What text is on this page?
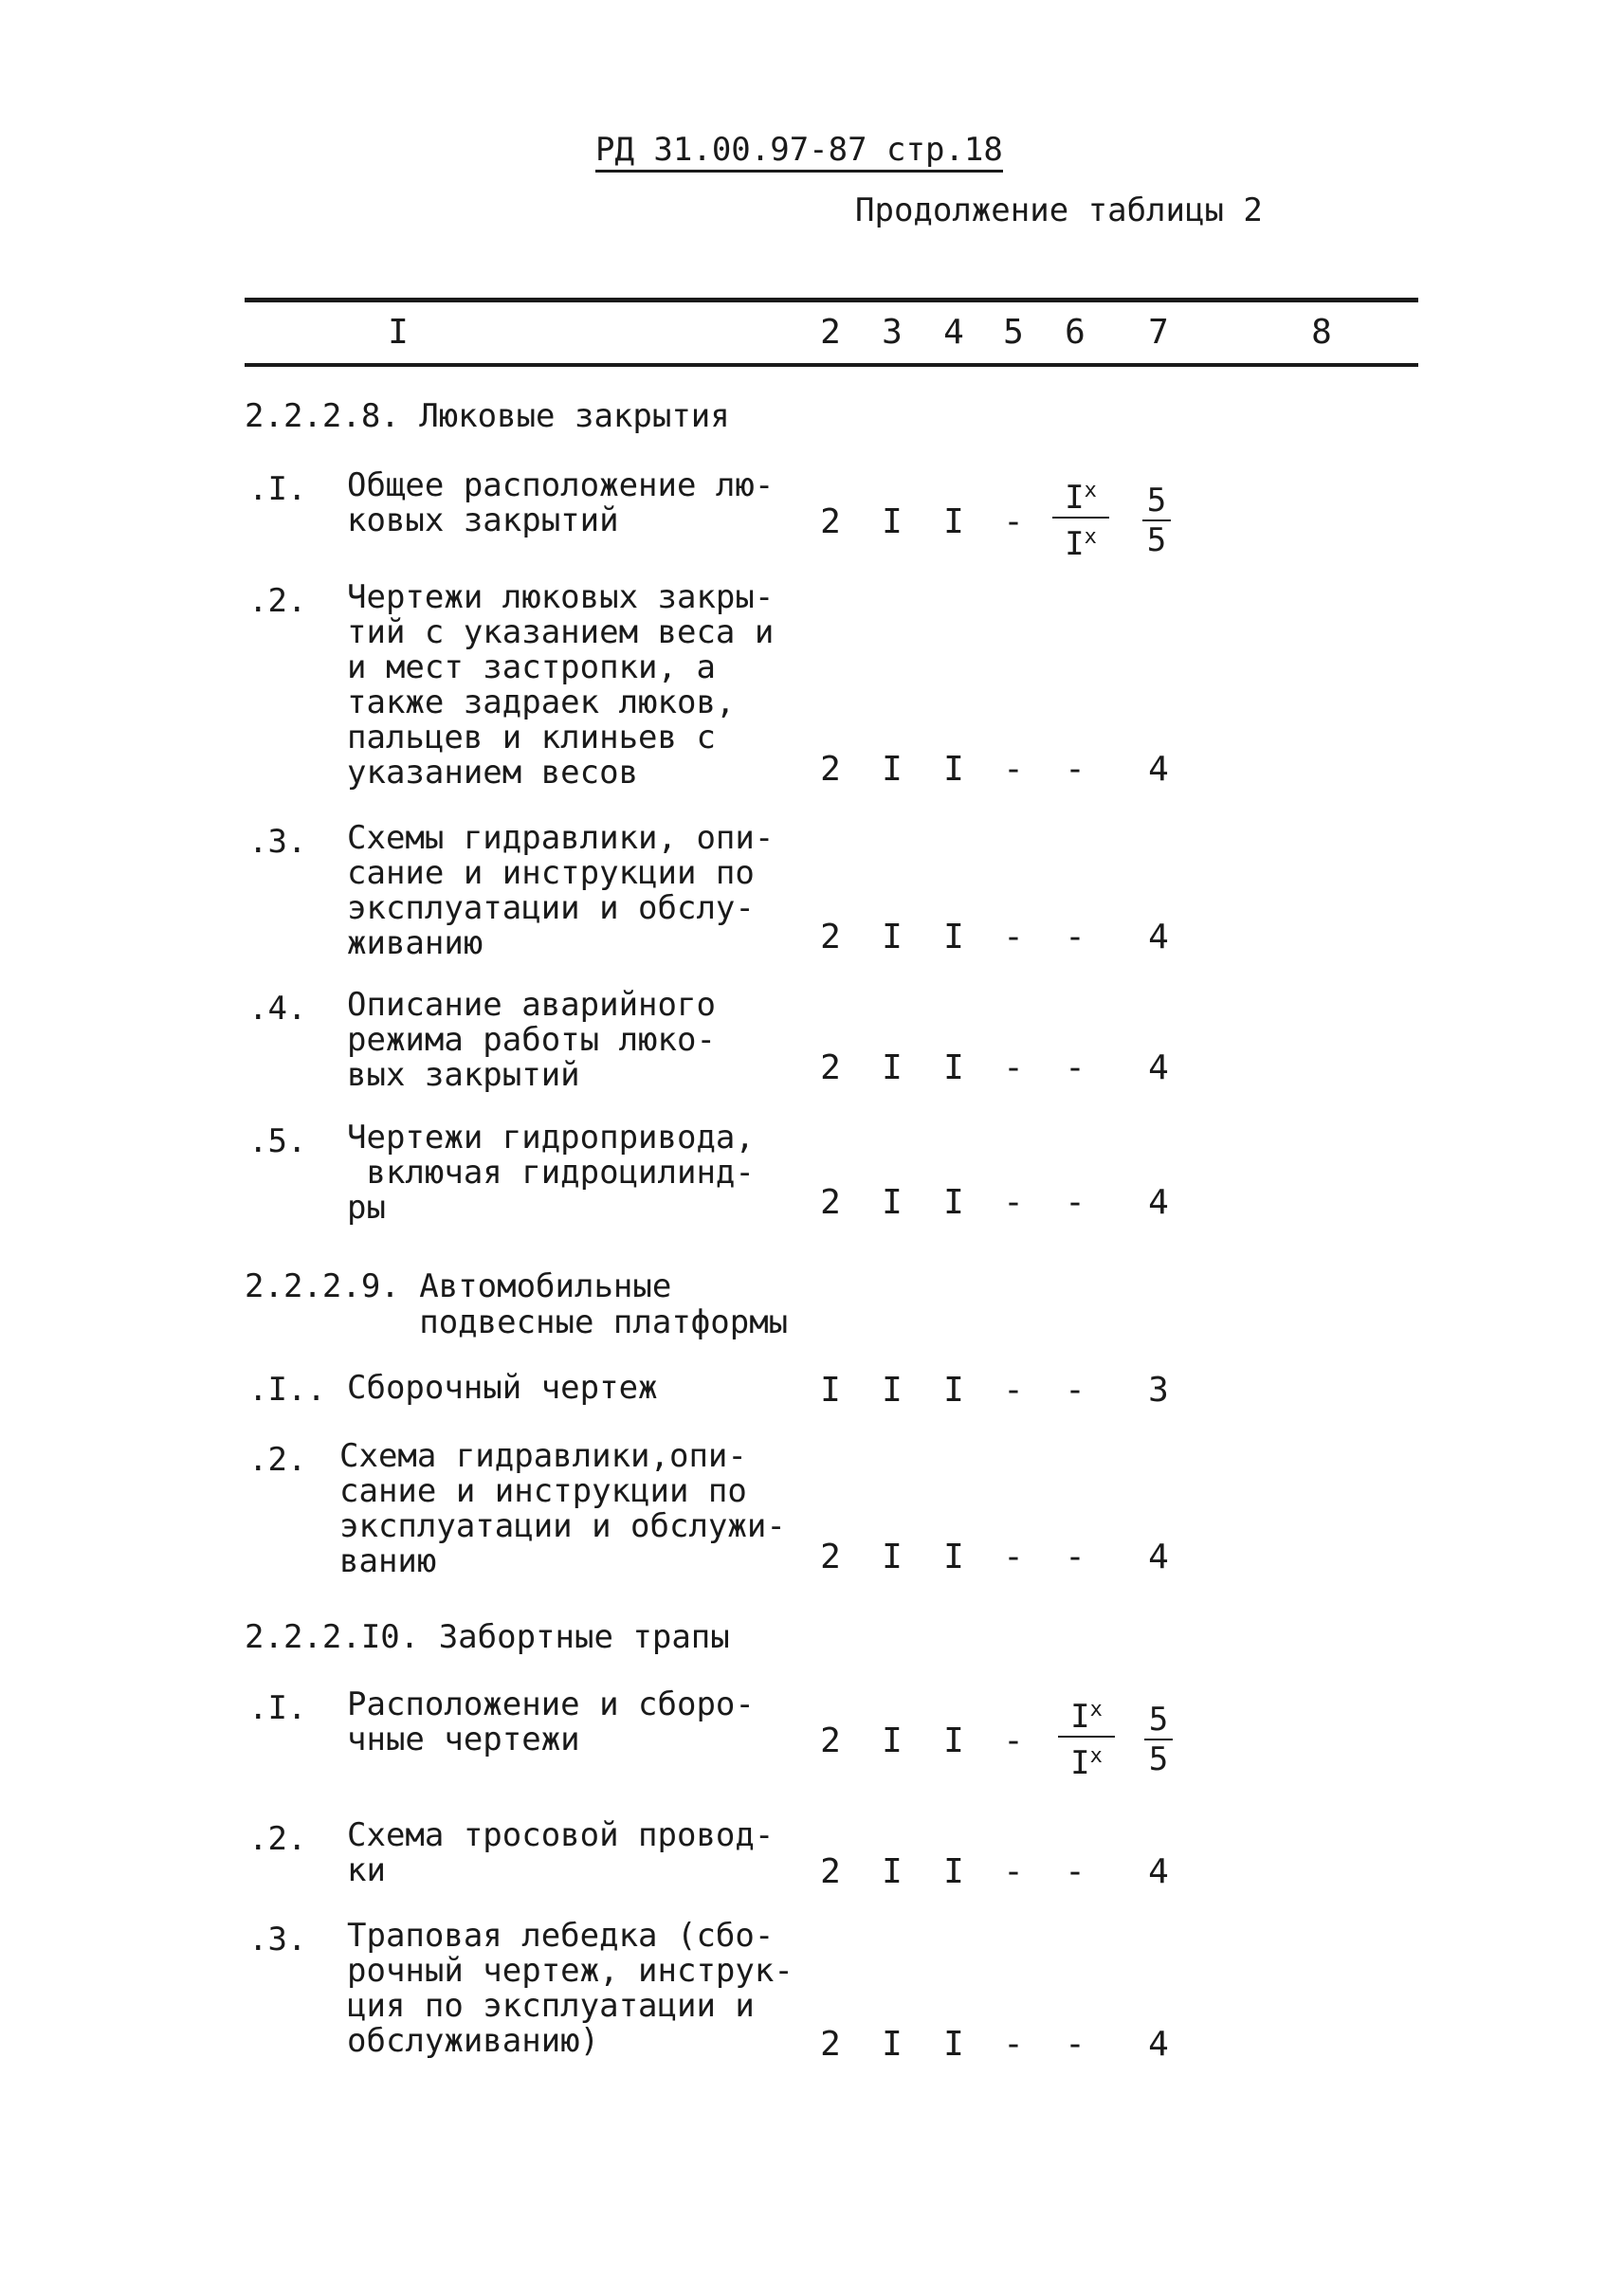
РД 31.00.97-87 стр.18
Продолжение таблицы 2
I	2 3 4 5 6 7	8
2.2.2.8. Люковые закрытия
.I. Общее расположение лю-
ковых закрытий	2 I I - $\frac{I^x}{I^x} \frac{5}{5}$
.2. Чертежи люковых закры-
тий с указанием веса и
и мест застропки, а
также задраек люков,
пальцев и клиньев с
указанием весов	2 I I - - 4
.3. Схемы гидравлики, опи-
сание и инструкции по
эксплуатации и обслу-
живанию	2 I I - - 4
.4. Описание аварийного
режима работы люко-
вых закрытий	2 I I - - 4
.5. Чертежи гидропривода,
включая гидроцилинд-
ры	2 I I - - 4
2.2.2.9. Автомобильные
подвесные платформы
.I.. Сборочный чертеж	I I I - - 3
.2. Схема гидравлики,опи-
сание и инструкции по
эксплуатации и обслужи-
ванию	2 I I - - 4
2.2.2.I0. Забортные трапы
.I. Расположение и сборо-
чные чертежи	2 I I - $\frac{I^x}{I^x} \frac{5}{5}$
.2. Схема тросовой провод-
ки	2 I I - - 4
.3. Траповая лебедка (сбо-
рочный чертеж, инструк-
ция по эксплуатации и
обслуживанию)	2 I I - - 4
